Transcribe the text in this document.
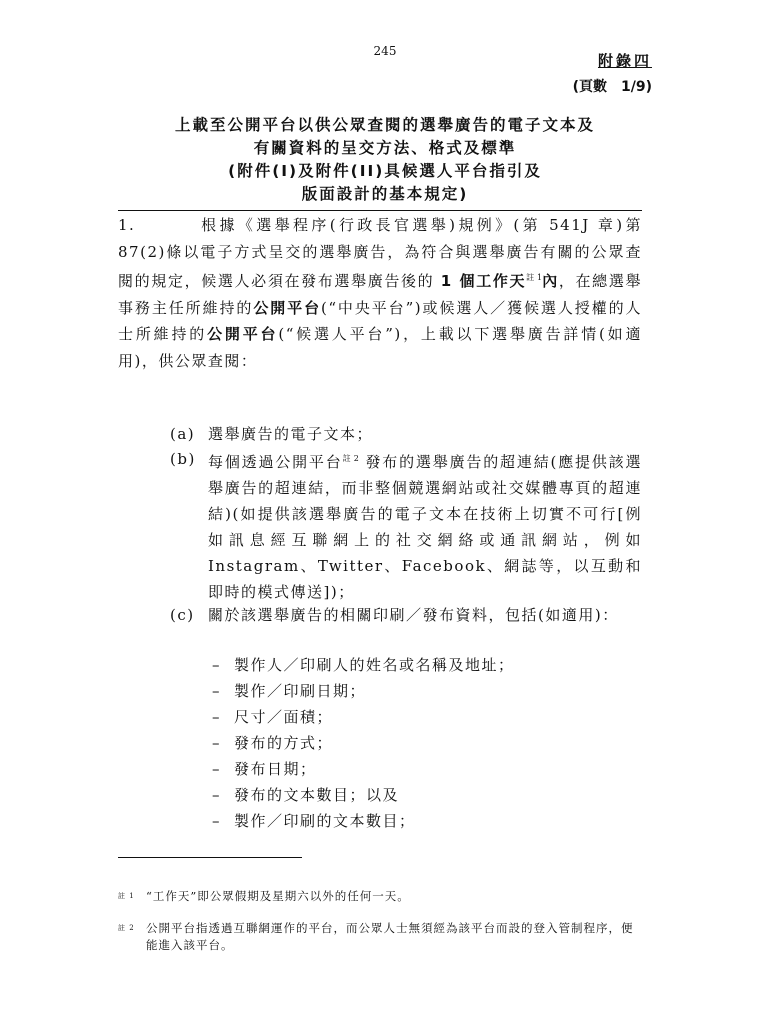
245
附錄四
(頁數　1/9)
上載至公開平台以供公眾查閱的選舉廣告的電子文本及
有關資料的呈交方法、格式及標準
(附件(I)及附件(II)具候選人平台指引及
版面設計的基本規定)
1.	根據《選舉程序(行政長官選舉)規例》(第 541J 章)第 87(2)條以電子方式呈交的選舉廣告，為符合與選舉廣告有關的公眾查閱的規定，候選人必須在發布選舉廣告後的 1 個工作天$^{註 1}$內，在總選舉事務主任所維持的公開平台(“中央平台”)或候選人／獲候選人授權的人士所維持的公開平台(“候選人平台”)，上載以下選舉廣告詳情(如適用)，供公眾查閱：
(a) 選舉廣告的電子文本；
(b) 每個透過公開平台$^{註 2}$ 發布的選舉廣告的超連結(應提供該選舉廣告的超連結，而非整個競選網站或社交媒體專頁的超連結)(如提供該選舉廣告的電子文本在技術上切實不可行[例如訊息經互聯網上的社交網絡或通訊網站，例如 Instagram、Twitter、Facebook、網誌等，以互動和即時的模式傳送])；
(c) 關於該選舉廣告的相關印刷／發布資料，包括(如適用)：
– 製作人／印刷人的姓名或名稱及地址；
– 製作／印刷日期；
– 尺寸／面積；
– 發布的方式；
– 發布日期；
– 發布的文本數目；以及
– 製作／印刷的文本數目；
註 1 “工作天”即公眾假期及星期六以外的任何一天。
註 2 公開平台指透過互聯網運作的平台，而公眾人士無須經為該平台而設的登入管制程序，便能進入該平台。
